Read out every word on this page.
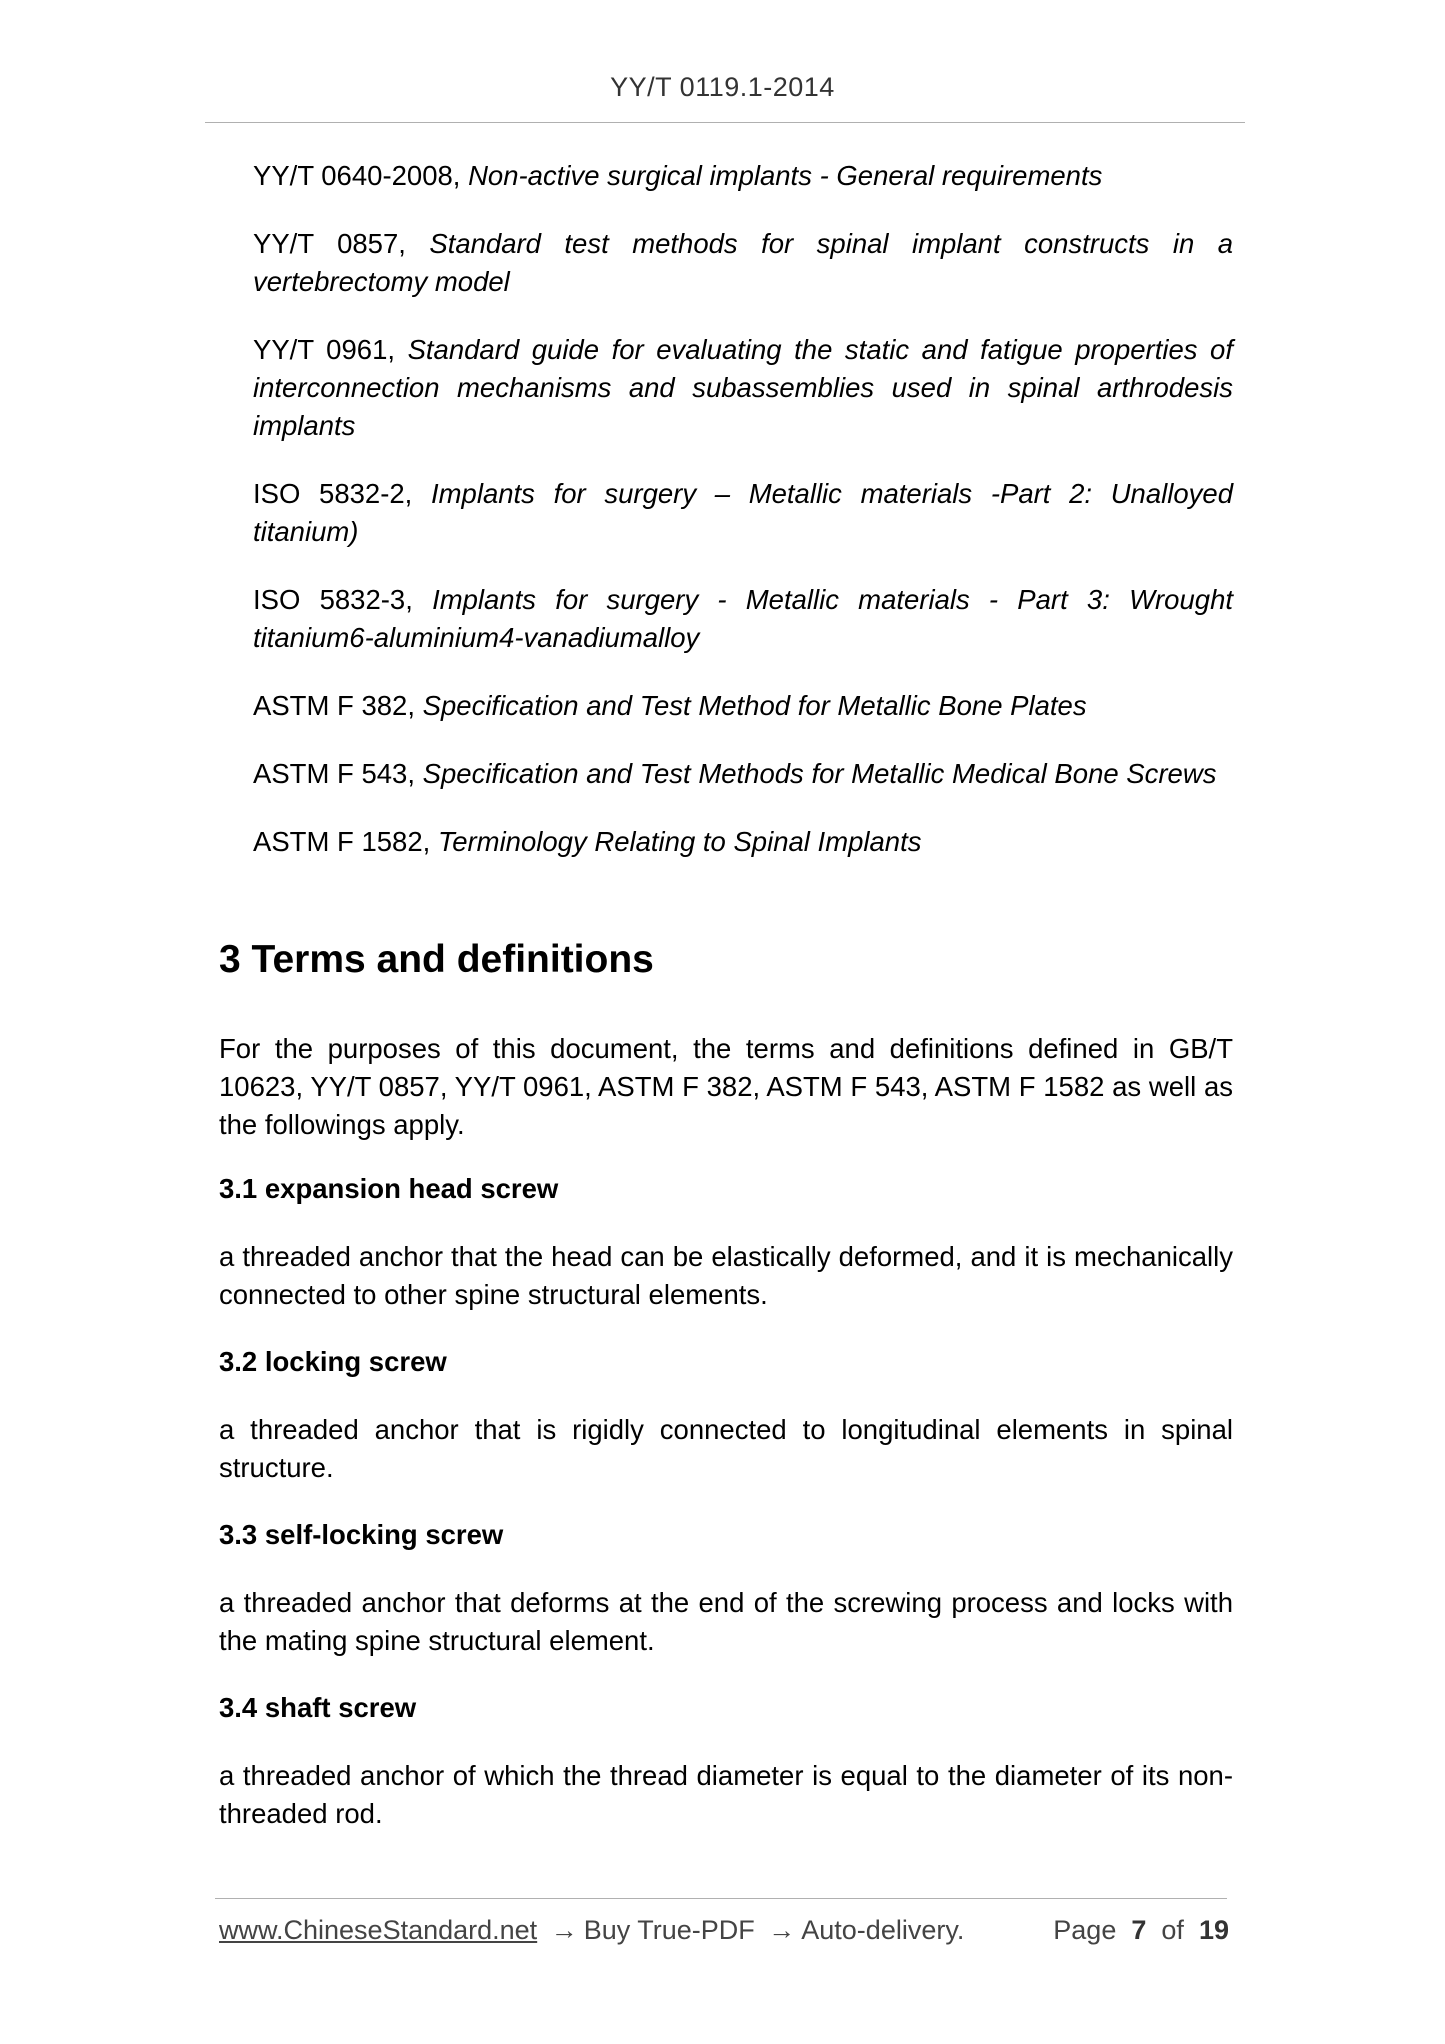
YY/T 0119.1-2014

YY/T 0640-2008, Non-active surgical implants - General requirements

YY/T 0857, Standard test methods for spinal implant constructs in a vertebrectomy model

YY/T 0961, Standard guide for evaluating the static and fatigue properties of interconnection mechanisms and subassemblies used in spinal arthrodesis implants

ISO 5832-2, Implants for surgery – Metallic materials -Part 2: Unalloyed titanium)

ISO 5832-3, Implants for surgery - Metallic materials - Part 3: Wrought titanium6-aluminium4-vanadiumalloy

ASTM F 382, Specification and Test Method for Metallic Bone Plates

ASTM F 543, Specification and Test Methods for Metallic Medical Bone Screws

ASTM F 1582, Terminology Relating to Spinal Implants

3 Terms and definitions

For the purposes of this document, the terms and definitions defined in GB/T 10623, YY/T 0857, YY/T 0961, ASTM F 382, ASTM F 543, ASTM F 1582 as well as the followings apply.

3.1 expansion head screw

a threaded anchor that the head can be elastically deformed, and it is mechanically connected to other spine structural elements.

3.2 locking screw

a threaded anchor that is rigidly connected to longitudinal elements in spinal structure.

3.3 self-locking screw

a threaded anchor that deforms at the end of the screwing process and locks with the mating spine structural element.

3.4 shaft screw

a threaded anchor of which the thread diameter is equal to the diameter of its non-threaded rod.

www.ChineseStandard.net → Buy True-PDF → Auto-delivery.	Page 7 of 19
